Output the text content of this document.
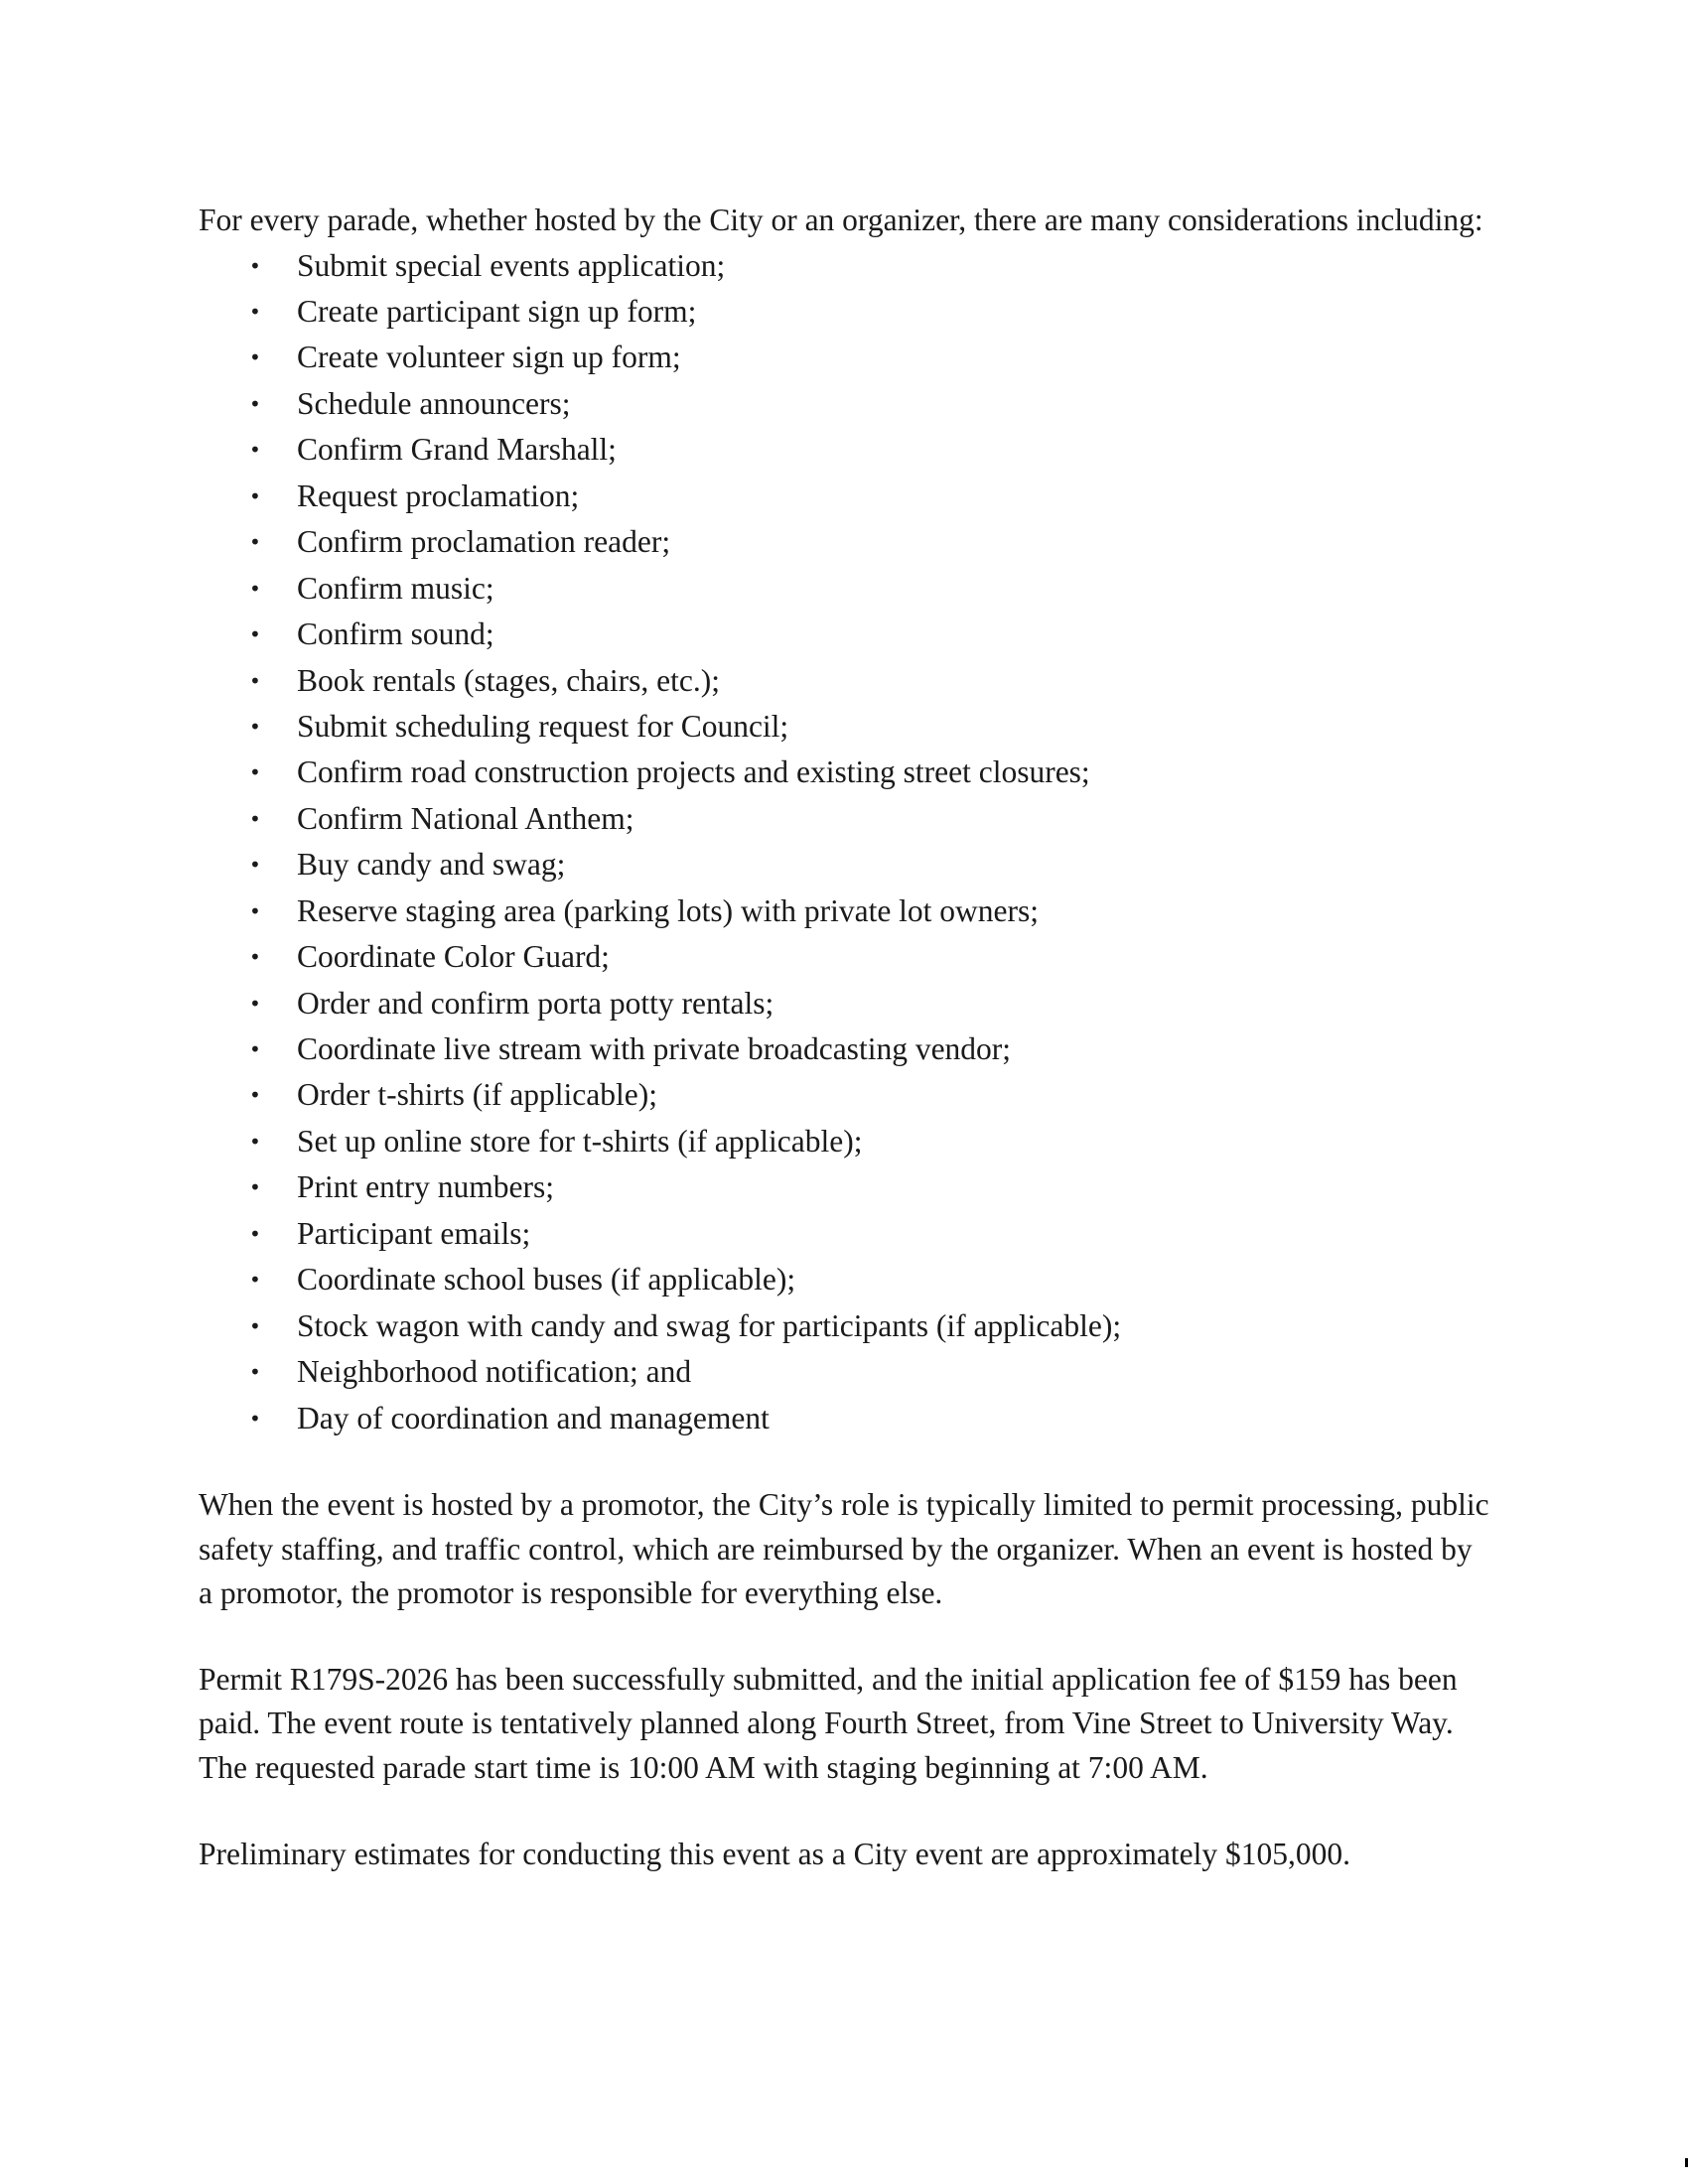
For every parade, whether hosted by the City or an organizer, there are many considerations including:

• Submit special events application;
• Create participant sign up form;
• Create volunteer sign up form;
• Schedule announcers;
• Confirm Grand Marshall;
• Request proclamation;
• Confirm proclamation reader;
• Confirm music;
• Confirm sound;
• Book rentals (stages, chairs, etc.);
• Submit scheduling request for Council;
• Confirm road construction projects and existing street closures;
• Confirm National Anthem;
• Buy candy and swag;
• Reserve staging area (parking lots) with private lot owners;
• Coordinate Color Guard;
• Order and confirm porta potty rentals;
• Coordinate live stream with private broadcasting vendor;
• Order t-shirts (if applicable);
• Set up online store for t-shirts (if applicable);
• Print entry numbers;
• Participant emails;
• Coordinate school buses (if applicable);
• Stock wagon with candy and swag for participants (if applicable);
• Neighborhood notification; and
• Day of coordination and management

When the event is hosted by a promotor, the City’s role is typically limited to permit processing, public safety staffing, and traffic control, which are reimbursed by the organizer. When an event is hosted by a promotor, the promotor is responsible for everything else.

Permit R179S-2026 has been successfully submitted, and the initial application fee of $159 has been paid. The event route is tentatively planned along Fourth Street, from Vine Street to University Way. The requested parade start time is 10:00 AM with staging beginning at 7:00 AM.

Preliminary estimates for conducting this event as a City event are approximately $105,000.
